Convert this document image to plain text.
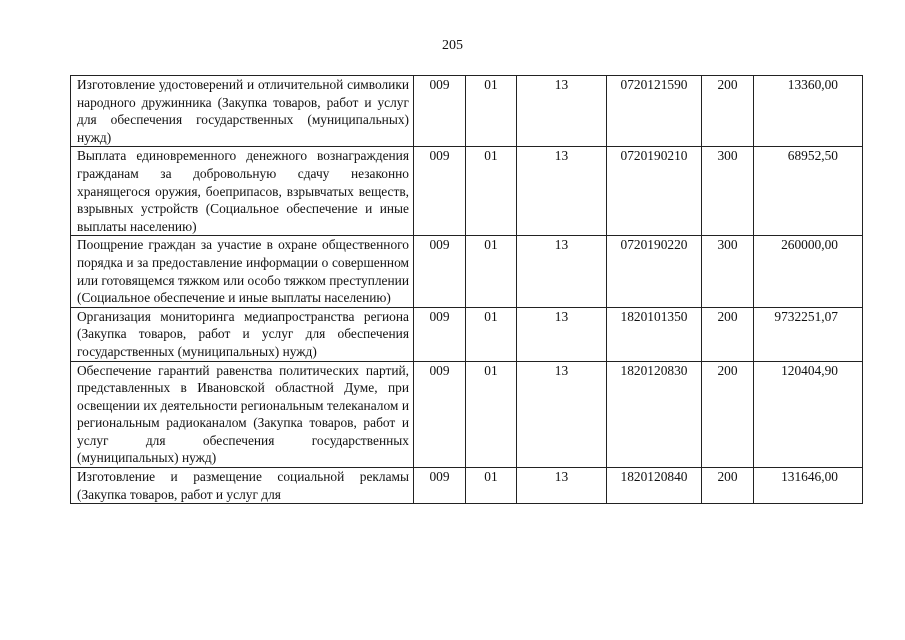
205
Изготовление удостоверений и отличительной символики народного дружинника (Закупка товаров, работ и услуг для обеспечения государственных (муниципальных) нужд)	009	01	13	0720121590	200	13360,00
Выплата единовременного денежного вознаграждения гражданам за добровольную сдачу незаконно хранящегося оружия, боеприпасов, взрывчатых веществ, взрывных устройств (Социальное обеспечение и иные выплаты населению)	009	01	13	0720190210	300	68952,50
Поощрение граждан за участие в охране общественного порядка и за предоставление информации о совершенном или готовящемся тяжком или особо тяжком преступлении (Социальное обеспечение и иные выплаты населению)	009	01	13	0720190220	300	260000,00
Организация мониторинга медиапространства региона (Закупка товаров, работ и услуг для обеспечения государственных (муниципальных) нужд)	009	01	13	1820101350	200	9732251,07
Обеспечение гарантий равенства политических партий, представленных в Ивановской областной Думе, при освещении их деятельности региональным телеканалом и региональным радиоканалом (Закупка товаров, работ и услуг для обеспечения государственных (муниципальных) нужд)	009	01	13	1820120830	200	120404,90

Изготовление и размещение социальной рекламы (Закупка товаров, работ и услуг для	009	01	13	1820120840	200	131646,00
